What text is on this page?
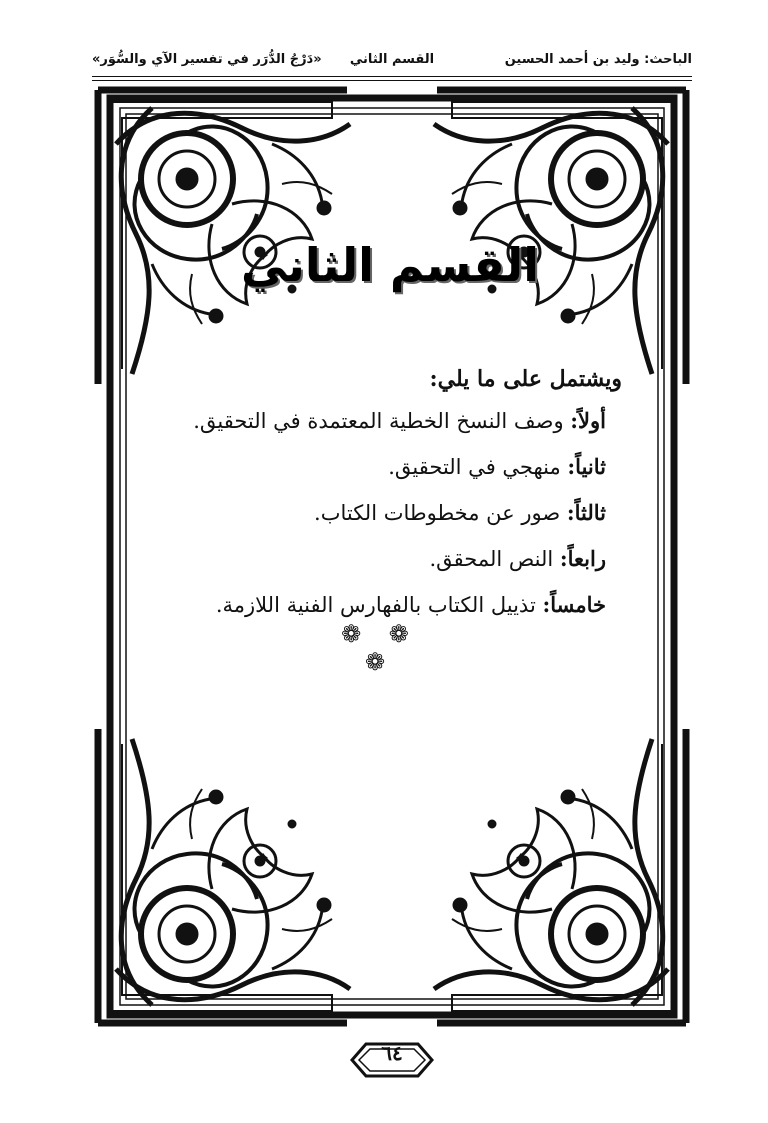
الباحث: وليد بن أحمد الحسين
القسم الثاني
«دَرْجُ الدُّرَر في تفسير الآي والسُّوَر»
القسم الثاني
ويشتمل على ما يلي:
أولاً: وصف النسخ الخطية المعتمدة في التحقيق.
ثانياً: منهجي في التحقيق.
ثالثاً: صور عن مخطوطات الكتاب.
رابعاً: النص المحقق.
خامساً: تذييل الكتاب بالفهارس الفنية اللازمة.
❁ ❁ ❁
٦٤
